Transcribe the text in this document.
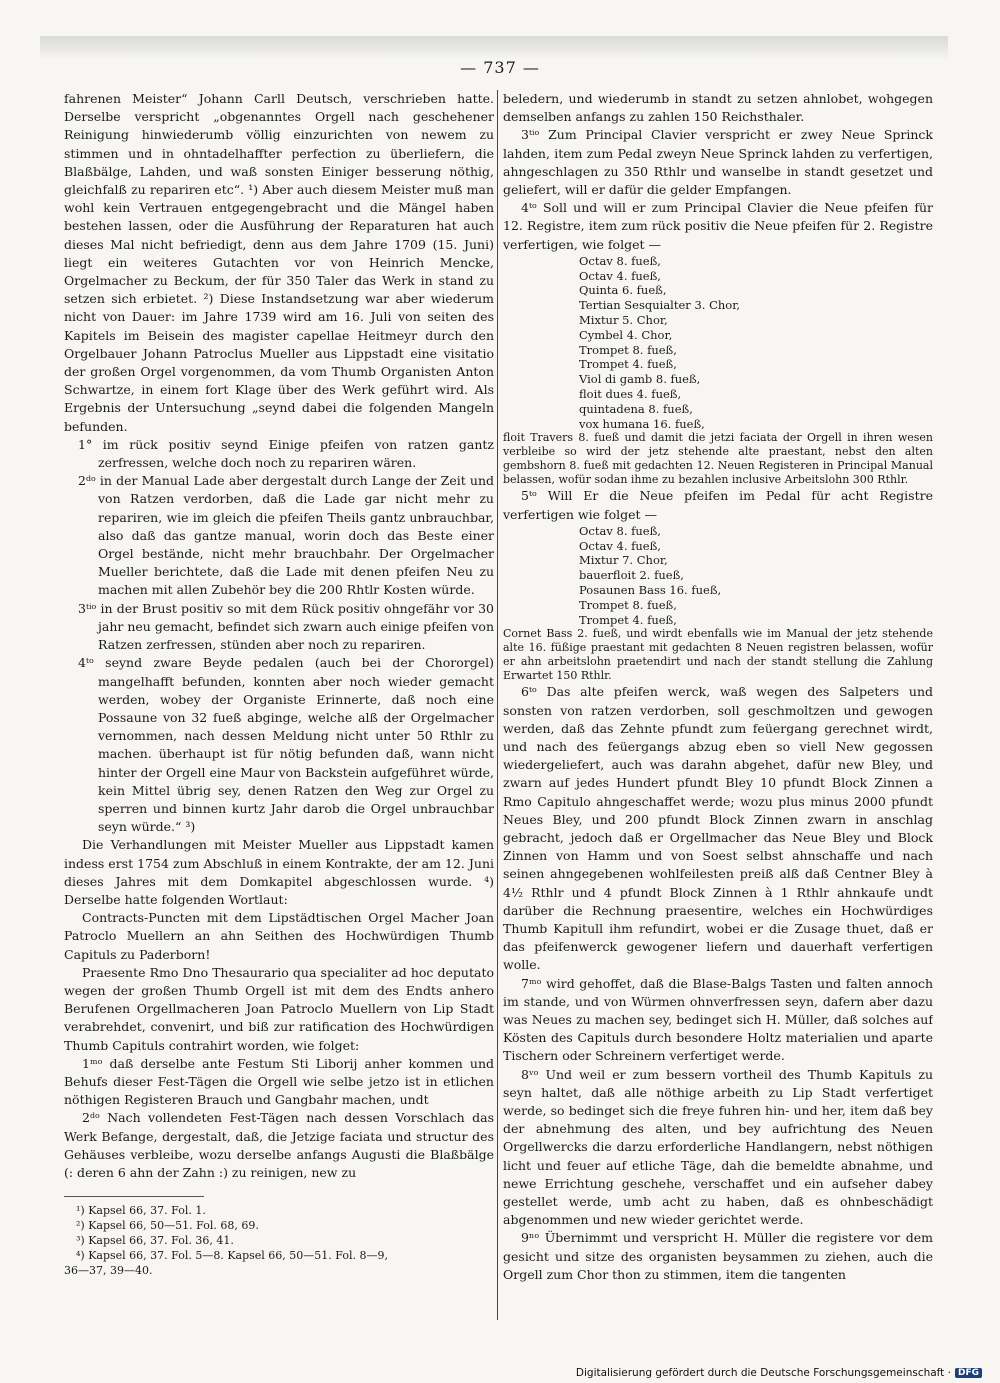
— 737 —

fahrenen Meister“ Johann Carll Deutsch, verschrieben hatte. Derselbe verspricht „obgenanntes Orgell nach geschehener Reinigung hinwiederumb völlig einzurichten von newem zu stimmen und in ohntadelhaffter perfection zu überliefern, die Blaßbälge, Lahden, und waß sonsten Einiger besserung nöthig, gleichfalß zu repariren etc“. ¹) Aber auch diesem Meister muß man wohl kein Vertrauen entgegengebracht und die Mängel haben bestehen lassen, oder die Ausführung der Reparaturen hat auch dieses Mal nicht befriedigt, denn aus dem Jahre 1709 (15. Juni) liegt ein weiteres Gutachten vor von Heinrich Mencke, Orgelmacher zu Beckum, der für 350 Taler das Werk in stand zu setzen sich erbietet. ²) Diese Instandsetzung war aber wiederum nicht von Dauer: im Jahre 1739 wird am 16. Juli von seiten des Kapitels im Beisein des magister capellae Heitmeyr durch den Orgelbauer Johann Patroclus Mueller aus Lippstadt eine visitatio der großen Orgel vorgenommen, da vom Thumb Organisten Anton Schwartze, in einem fort Klage über des Werk geführt wird. Als Ergebnis der Untersuchung „seynd dabei die folgenden Mangeln befunden.

1° im rück positiv seynd Einige pfeifen von ratzen gantz zerfressen, welche doch noch zu repariren wären.

2ᵈᵒ in der Manual Lade aber dergestalt durch Lange der Zeit und von Ratzen verdorben, daß die Lade gar nicht mehr zu repariren, wie im gleich die pfeifen Theils gantz unbrauchbar, also daß das gantze manual, worin doch das Beste einer Orgel bestände, nicht mehr brauchbahr. Der Orgelmacher Mueller berichtete, daß die Lade mit denen pfeifen Neu zu machen mit allen Zubehör bey die 200 Rhtlr Kosten würde.

3ᵗⁱᵒ in der Brust positiv so mit dem Rück positiv ohngefähr vor 30 jahr neu gemacht, befindet sich zwarn auch einige pfeifen von Ratzen zerfressen, stünden aber noch zu repariren.

4ᵗᵒ seynd zware Beyde pedalen (auch bei der Chororgel) mangelhafft befunden, konnten aber noch wieder gemacht werden, wobey der Organiste Erinnerte, daß noch eine Possaune von 32 fueß abginge, welche alß der Orgelmacher vernommen, nach dessen Meldung nicht unter 50 Rthlr zu machen. überhaupt ist für nötig befunden daß, wann nicht hinter der Orgell eine Maur von Backstein aufgeführet würde, kein Mittel übrig sey, denen Ratzen den Weg zur Orgel zu sperren und binnen kurtz Jahr darob die Orgel unbrauchbar seyn würde.“ ³)

Die Verhandlungen mit Meister Mueller aus Lippstadt kamen indess erst 1754 zum Abschluß in einem Kontrakte, der am 12. Juni dieses Jahres mit dem Domkapitel abgeschlossen wurde. ⁴) Derselbe hatte folgenden Wortlaut:

Contracts-Puncten mit dem Lipstädtischen Orgel Macher Joan Patroclo Muellern an ahn Seithen des Hochwürdigen Thumb Capituls zu Paderborn!

Praesente Rmo Dno Thesaurario qua specialiter ad hoc deputato wegen der großen Thumb Orgell ist mit dem des Endts anhero Berufenen Orgellmacheren Joan Patroclo Muellern von Lip Stadt verabrehdet, convenirt, und biß zur ratification des Hochwürdigen Thumb Capituls contrahirt worden, wie folget:

1ᵐᵒ daß derselbe ante Festum Sti Liborij anher kommen und Behufs dieser Fest-Tägen die Orgell wie selbe jetzo ist in etlichen nöthigen Registeren Brauch und Gangbahr machen, undt

2ᵈᵒ Nach vollendeten Fest-Tägen nach dessen Vorschlach das Werk Befange, dergestalt, daß, die Jetzige faciata und structur des Gehäuses verbleibe, wozu derselbe anfangs Augusti die Blaßbälge (: deren 6 ahn der Zahn :) zu reinigen, new zu

¹) Kapsel 66, 37. Fol. 1.

²) Kapsel 66, 50—51. Fol. 68, 69.

³) Kapsel 66, 37. Fol. 36, 41.

⁴) Kapsel 66, 37. Fol. 5—8. Kapsel 66, 50—51. Fol. 8—9,

36—37, 39—40.

beledern, und wiederumb in standt zu setzen ahnlobet, wohgegen demselben anfangs zu zahlen 150 Reichsthaler.

3ᵗⁱᵒ Zum Principal Clavier verspricht er zwey Neue Sprinck lahden, item zum Pedal zweyn Neue Sprinck lahden zu verfertigen, ahngeschlagen zu 350 Rthlr und wanselbe in standt gesetzet und geliefert, will er dafür die gelder Empfangen.

4ᵗᵒ Soll und will er zum Principal Clavier die Neue pfeifen für 12. Registre, item zum rück positiv die Neue pfeifen für 2. Registre verfertigen, wie folget —

Octav 8. fueß,
Octav 4. fueß,
Quinta 6. fueß,
Tertian Sesquialter 3. Chor,
Mixtur 5. Chor,
Cymbel 4. Chor,
Trompet 8. fueß,
Trompet 4. fueß,
Viol di gamb 8. fueß,
floit dues 4. fueß,
quintadena 8. fueß,
vox humana 16. fueß,

floit Travers 8. fueß und damit die jetzi faciata der Orgell in ihren wesen verbleibe so wird der jetz stehende alte praestant, nebst den alten gembshorn 8. fueß mit gedachten 12. Neuen Registeren in Principal Manual belassen, wofür sodan ihme zu bezahlen inclusive Arbeitslohn 300 Rthlr.

5ᵗᵒ Will Er die Neue pfeifen im Pedal für acht Registre verfertigen wie folget —

Octav 8. fueß,
Octav 4. fueß,
Mixtur 7. Chor,
bauerfloit 2. fueß,
Posaunen Bass 16. fueß,
Trompet 8. fueß,
Trompet 4. fueß,

Cornet Bass 2. fueß, und wirdt ebenfalls wie im Manual der jetz stehende alte 16. füßige praestant mit gedachten 8 Neuen registren belassen, wofür er ahn arbeitslohn praetendirt und nach der standt stellung die Zahlung Erwartet 150 Rthlr.

6ᵗᵒ Das alte pfeifen werck, waß wegen des Salpeters und sonsten von ratzen verdorben, soll geschmoltzen und gewogen werden, daß das Zehnte pfundt zum feüergang gerechnet wirdt, und nach des feüergangs abzug eben so viell New gegossen wiedergeliefert, auch was darahn abgehet, dafür new Bley, und zwarn auf jedes Hundert pfundt Bley 10 pfundt Block Zinnen a Rmo Capitulo ahngeschaffet werde; wozu plus minus 2000 pfundt Neues Bley, und 200 pfundt Block Zinnen zwarn in anschlag gebracht, jedoch daß er Orgellmacher das Neue Bley und Block Zinnen von Hamm und von Soest selbst ahnschaffe und nach seinen ahngegebenen wohlfeilesten preiß alß daß Centner Bley à 4½ Rthlr und 4 pfundt Block Zinnen à 1 Rthlr ahnkaufe undt darüber die Rechnung praesentire, welches ein Hochwürdiges Thumb Kapitull ihm refundirt, wobei er die Zusage thuet, daß er das pfeifenwerck gewogener liefern und dauerhaft verfertigen wolle.

7ᵐᵒ wird gehoffet, daß die Blase-Balgs Tasten und falten annoch im stande, und von Würmen ohnverfressen seyn, dafern aber dazu was Neues zu machen sey, bedinget sich H. Müller, daß solches auf Kösten des Capituls durch besondere Holtz materialien und aparte Tischern oder Schreinern verfertiget werde.

8ᵛᵒ Und weil er zum bessern vortheil des Thumb Kapituls zu seyn haltet, daß alle nöthige arbeith zu Lip Stadt verfertiget werde, so bedinget sich die freye fuhren hin- und her, item daß bey der abnehmung des alten, und bey aufrichtung des Neuen Orgellwercks die darzu erforderliche Handlangern, nebst nöthigen licht und feuer auf etliche Täge, dah die bemeldte abnahme, und newe Errichtung geschehe, verschaffet und ein aufseher dabey gestellet werde, umb acht zu haben, daß es ohnbeschädigt abgenommen und new wieder gerichtet werde.

9ⁿᵒ Übernimmt und verspricht H. Müller die registere vor dem gesicht und sitze des organisten beysammen zu ziehen, auch die Orgell zum Chor thon zu stimmen, item die tangenten

Digitalisierung gefördert durch die Deutsche Forschungsgemeinschaft · DFG
